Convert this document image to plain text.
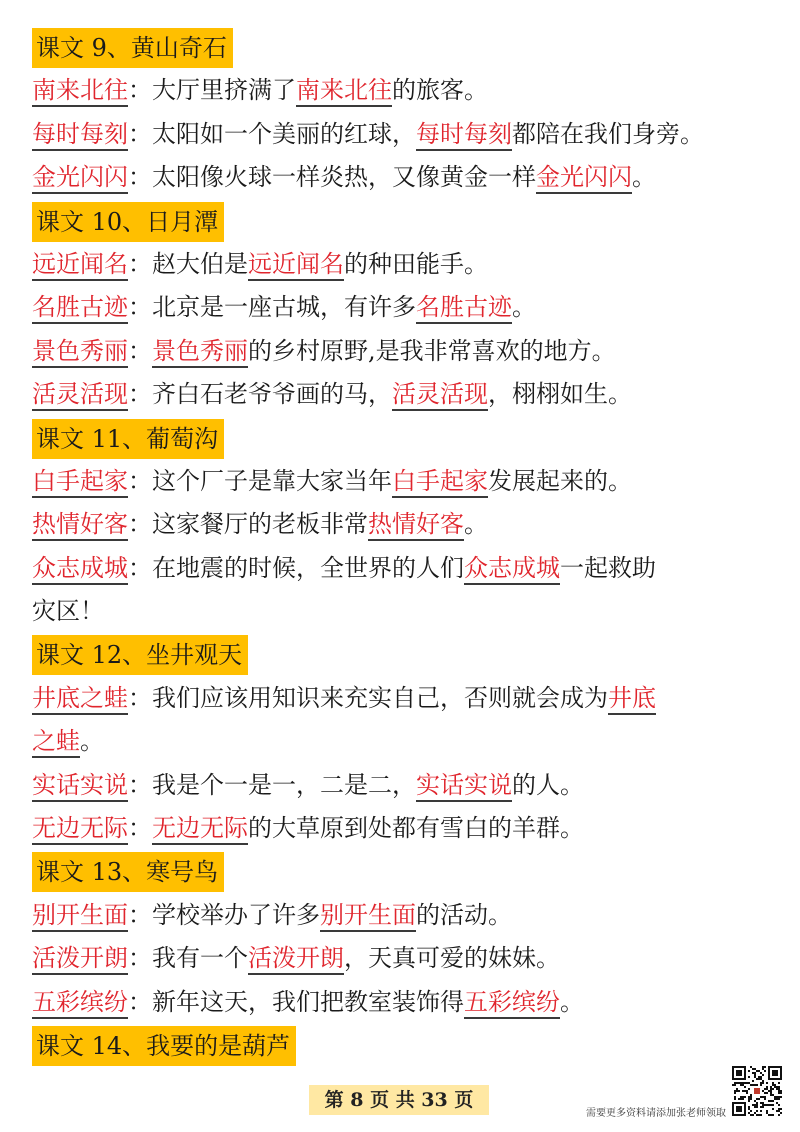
课文 9、黄山奇石
南来北往：大厅里挤满了南来北往的旅客。
每时每刻：太阳如一个美丽的红球，每时每刻都陪在我们身旁。
金光闪闪：太阳像火球一样炎热，又像黄金一样金光闪闪。
课文 10、日月潭
远近闻名：赵大伯是远近闻名的种田能手。
名胜古迹：北京是一座古城，有许多名胜古迹。
景色秀丽：景色秀丽的乡村原野,是我非常喜欢的地方。
活灵活现：齐白石老爷爷画的马，活灵活现，栩栩如生。
课文 11、葡萄沟
白手起家：这个厂子是靠大家当年白手起家发展起来的。
热情好客：这家餐厅的老板非常热情好客。
众志成城：在地震的时候，全世界的人们众志成城一起救助
灾区！
课文 12、坐井观天
井底之蛙：我们应该用知识来充实自己，否则就会成为井底
之蛙。
实话实说：我是个一是一，二是二，实话实说的人。
无边无际：无边无际的大草原到处都有雪白的羊群。
课文 13、寒号鸟
别开生面：学校举办了许多别开生面的活动。
活泼开朗：我有一个活泼开朗，天真可爱的妹妹。
五彩缤纷：新年这天，我们把教室装饰得五彩缤纷。
课文 14、我要的是葫芦
第 8 页 共 33 页
需要更多资料请添加张老师领取
